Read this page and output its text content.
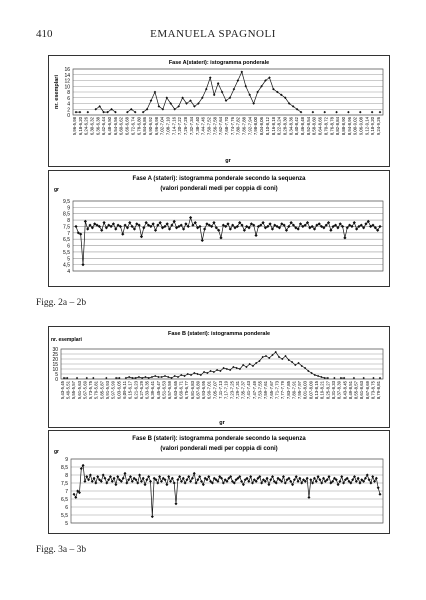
410	EMANUELA SPAGNOLI
Fase A(stateri): istogramma ponderale
0
2
4
6
8
10
12
14
16
nr. esemplari
gr
5,96-5,98 6,18-6,20 6,24-6,26 6,30-6,32 6,36-6,38 6,42-6,44 6,48-6,50 6,54-6,56 6,60-6,62 6,66-6,68 6,72-6,74 6,78-6,80 6,84-6,86 6,90-6,92 6,96-6,98 7,02-7,04 7,08-7,10 7,14-7,16 7,20-7,22 7,26-7,28 7,32-7,34 7,38-7,40 7,44-7,46 7,50-7,52 7,56-7,58 7,62-7,64 7,68-7,70 7,74-7,76 7,80-7,82 7,86-7,88 7,92-7,94 7,98-8,00 8,04-8,06 8,10-8,12 8,16-8,18 8,22-8,24 8,28-8,30 8,34-8,36 8,40-8,42 8,46-8,48 8,52-8,54 8,58-8,60 8,64-8,66 8,70-8,72 8,76-8,78 8,82-8,84 8,88-8,90 8,94-8,96 9,00-9,02 9,06-9,08 9,12-9,14 9,18-9,20 9,24-9,26
Fase A (stateri): istogramma ponderale secondo la sequenza
(valori ponderali medi per coppia di coni)
4
4,5
5
5,5
6
6,5
7
7,5
8
8,5
9
9,5
gr
Figg. 2a – 2b
Fase B (stateri): istogramma ponderale
0
5
10
15
20
25
30
nr. esemplari
gr
5,43-5,45 5,49-5,51 5,55-5,57 5,61-5,63 5,67-5,69 5,73-5,75 5,79-5,81 5,85-5,87 5,91-5,93 5,97-5,99 6,03-6,05 6,09-6,11 6,15-6,17 6,21-6,23 6,27-6,29 6,33-6,35 6,39-6,41 6,45-6,47 6,51-6,53 6,57-6,59 6,63-6,65 6,69-6,71 6,75-6,77 6,81-6,83 6,87-6,89 6,93-6,95 6,99-7,01 7,05-7,07 7,11-7,13 7,17-7,19 7,23-7,25 7,29-7,31 7,35-7,37 7,41-7,43 7,47-7,49 7,53-7,55 7,59-7,61 7,65-7,67 7,71-7,73 7,77-7,79 7,83-7,85 7,89-7,91 7,95-7,97 8,01-8,03 8,07-8,09 8,13-8,15 8,19-8,21 8,25-8,27 8,31-8,33 8,37-8,39 8,43-8,45 8,49-8,51 8,55-8,57 8,61-8,63 8,67-8,69 8,73-8,75 8,79-8,81
Fase B (stateri): istogramma ponderale secondo la sequenza
(valori ponderali medi per coppia di coni)
5
5,5
6
6,5
7
7,5
8
8,5
9
gr
Figg. 3a – 3b
